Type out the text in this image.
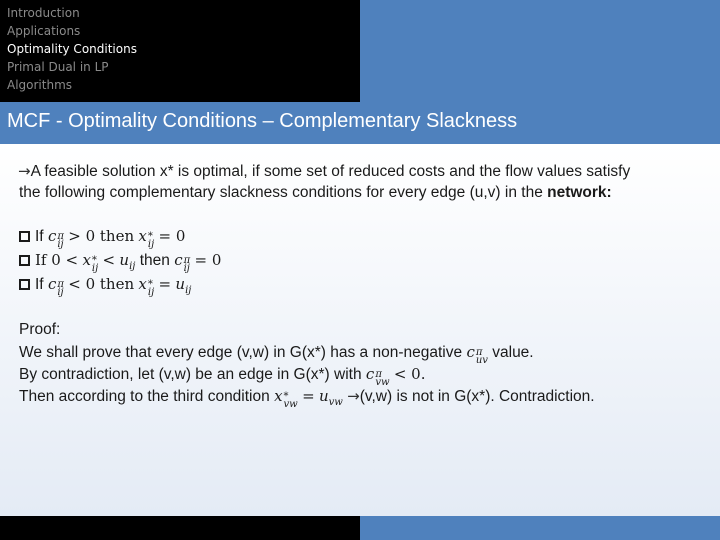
Introduction
Applications
Optimality Conditions
Primal Dual in LP
Algorithms
MCF - Optimality Conditions – Complementary Slackness
→A feasible solution x* is optimal, if some set of reduced costs and the flow values satisfy
the following complementary slackness conditions for every edge (u,v) in the network:
If c π
ij > 0 then x *
ij = 0
If 0 < x *
ij < $u_{ij}$ then c π
ij = 0
If c π
ij < 0 then x *
ij = $u_{ij}$
Proof:
We shall prove that every edge (v,w) in G(x*) has a non-negative c π
uv value.
By contradiction, let (v,w) be an edge in G(x*) with c π
vw < 0.
Then according to the third condition x *
vw = $u_{vw} \to(v,w)$ is not in G(x*). Contradiction.
